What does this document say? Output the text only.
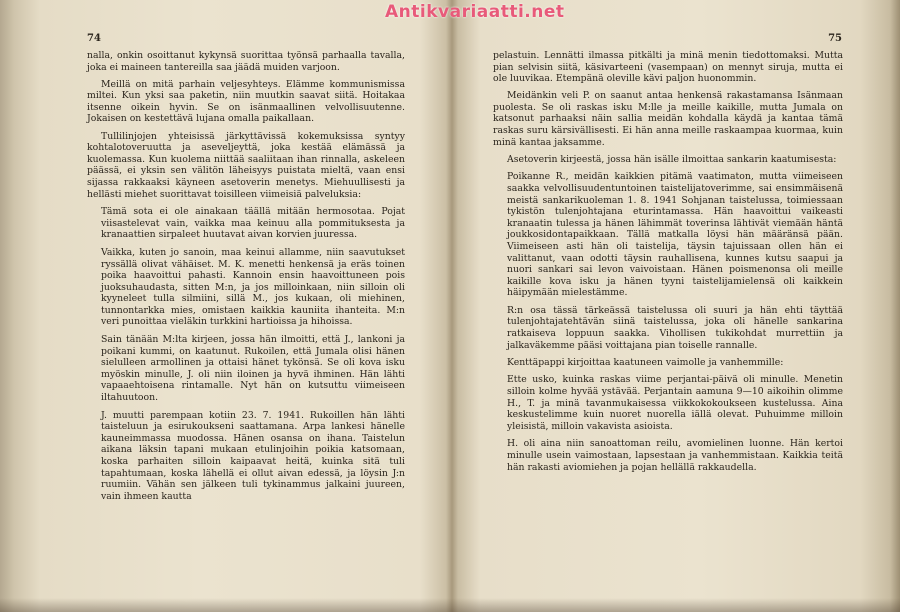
74

nalla, onkin osoittanut kykynsä suorittaa työnsä parhaalla tavalla, joka ei maineen tantereilla saa jäädä muiden varjoon.

Meillä on mitä parhain veljesyhteys. Elämme kommunismissa miltei. Kun yksi saa paketin, niin muutkin saavat siitä. Hoitakaa itsenne oikein hyvin. Se on isänmaallinen velvollisuutenne. Jokaisen on kestettävä lujana omalla paikallaan.

Tullilinjojen yhteisissä järkyttävissä kokemuksissa syntyy kohtalotoveruutta ja aseveljeyttä, joka kestää elämässä ja kuolemassa. Kun kuolema niittää saaliitaan ihan rinnalla, askeleen päässä, ei yksin sen välitön läheisyys puistata mieltä, vaan ensi sijassa rakkaaksi käyneen asetoverin menetys. Miehuullisesti ja hellästi miehet suorittavat toisilleen viimeisiä palveluksia:

Tämä sota ei ole ainakaan täällä mitään hermosotaa. Pojat viisastelevat vain, vaikka maa keinuu alla pommituksesta ja kranaattien sirpaleet huutavat aivan korvien juuressa.

Vaikka, kuten jo sanoin, maa keinui allamme, niin saavutukset ryssällä olivat vähäiset. M. K. menetti henkensä ja eräs toinen poika haavoittui pahasti. Kannoin ensin haavoittuneen pois juoksuhaudasta, sitten M:n, ja jos milloinkaan, niin silloin oli kyyneleet tulla silmiini, sillä M., jos kukaan, oli miehinen, tunnontarkka mies, omistaen kaikkia kauniita ihanteita. M:n veri punoittaa vieläkin turkkini hartioissa ja hihoissa.

Sain tänään M:lta kirjeen, jossa hän ilmoitti, että J., lankoni ja poikani kummi, on kaatunut. Rukoilen, että Jumala olisi hänen sielulleen armollinen ja ottaisi hänet tykönsä. Se oli kova isku myöskin minulle, J. oli niin iloinen ja hyvä ihminen. Hän lähti vapaaehtoisena rintamalle. Nyt hän on kutsuttu viimeiseen iltahuutoon.

J. muutti parempaan kotiin 23. 7. 1941. Rukoillen hän lähti taisteluun ja esirukoukseni saattamana. Arpa lankesi hänelle kauneimmassa muodossa. Hänen osansa on ihana. Taistelun aikana läksin tapani mukaan etulinjoihin poikia katsomaan, koska parhaiten silloin kaipaavat heitä, kuinka sitä tuli tapahtumaan, koska lähellä ei ollut aivan edessä, ja löysin J:n ruumiin. Vähän sen jälkeen tuli tykinammus jalkaini juureen, vain ihmeen kautta

75

pelastuin. Lennätti ilmassa pitkälti ja minä menin tiedottomaksi. Mutta pian selvisin siitä, käsivarteeni (vasempaan) on mennyt siruja, mutta ei ole luuvikaa. Etempänä oleville kävi paljon huonommin.

Meidänkin veli P. on saanut antaa henkensä rakastamansa Isänmaan puolesta. Se oli raskas isku M:lle ja meille kaikille, mutta Jumala on katsonut parhaaksi näin sallia meidän kohdalla käydä ja kantaa tämä raskas suru kärsivällisesti. Ei hän anna meille raskaampaa kuormaa, kuin minä kantaa jaksamme.

Asetoverin kirjeestä, jossa hän isälle ilmoittaa sankarin kaatumisesta:

Poikanne R., meidän kaikkien pitämä vaatimaton, mutta viimeiseen saakka velvollisuudentuntoinen taistelijatoverimme, sai ensimmäisenä meistä sankarikuoleman 1. 8. 1941 Sohjanan taistelussa, toimiessaan tykistön tulenjohtajana eturintamassa. Hän haavoittui vaikeasti kranaatin tulessa ja hänen lähimmät toverinsa lähtivät viemään häntä joukkosidontapaikkaan. Tällä matkalla löysi hän määränsä pään. Viimeiseen asti hän oli taistelija, täysin tajuissaan ollen hän ei valittanut, vaan odotti täysin rauhallisena, kunnes kutsu saapui ja nuori sankari sai levon vaivoistaan. Hänen poismenonsa oli meille kaikille kova isku ja hänen tyyni taistelijamielensä oli kaikkein häipymään mielestämme.

R:n osa tässä tärkeässä taistelussa oli suuri ja hän ehti täyttää tulenjohtajatehtävän siinä taistelussa, joka oli hänelle sankarina ratkaiseva loppuun saakka. Vihollisen tukikohdat murrettiin ja jalkaväkemme pääsi voittajana pian toiselle rannalle.

Kenttäpappi kirjoittaa kaatuneen vaimolle ja vanhemmille:

Ette usko, kuinka raskas viime perjantai-päivä oli minulle. Menetin silloin kolme hyvää ystävää. Perjantain aamuna 9—10 aikoihin olimme H., T. ja minä tavanmukaisessa viikkokokoukseen kustelussa. Aina keskustelimme kuin nuoret nuorella iällä olevat. Puhuimme milloin yleisistä, milloin vakavista asioista.

H. oli aina niin sanoattoman reilu, avomielinen luonne. Hän kertoi minulle usein vaimostaan, lapsestaan ja vanhemmistaan. Kaikkia teitä hän rakasti aviomiehen ja pojan hellällä rakkaudella.

Antikvariaatti.net
